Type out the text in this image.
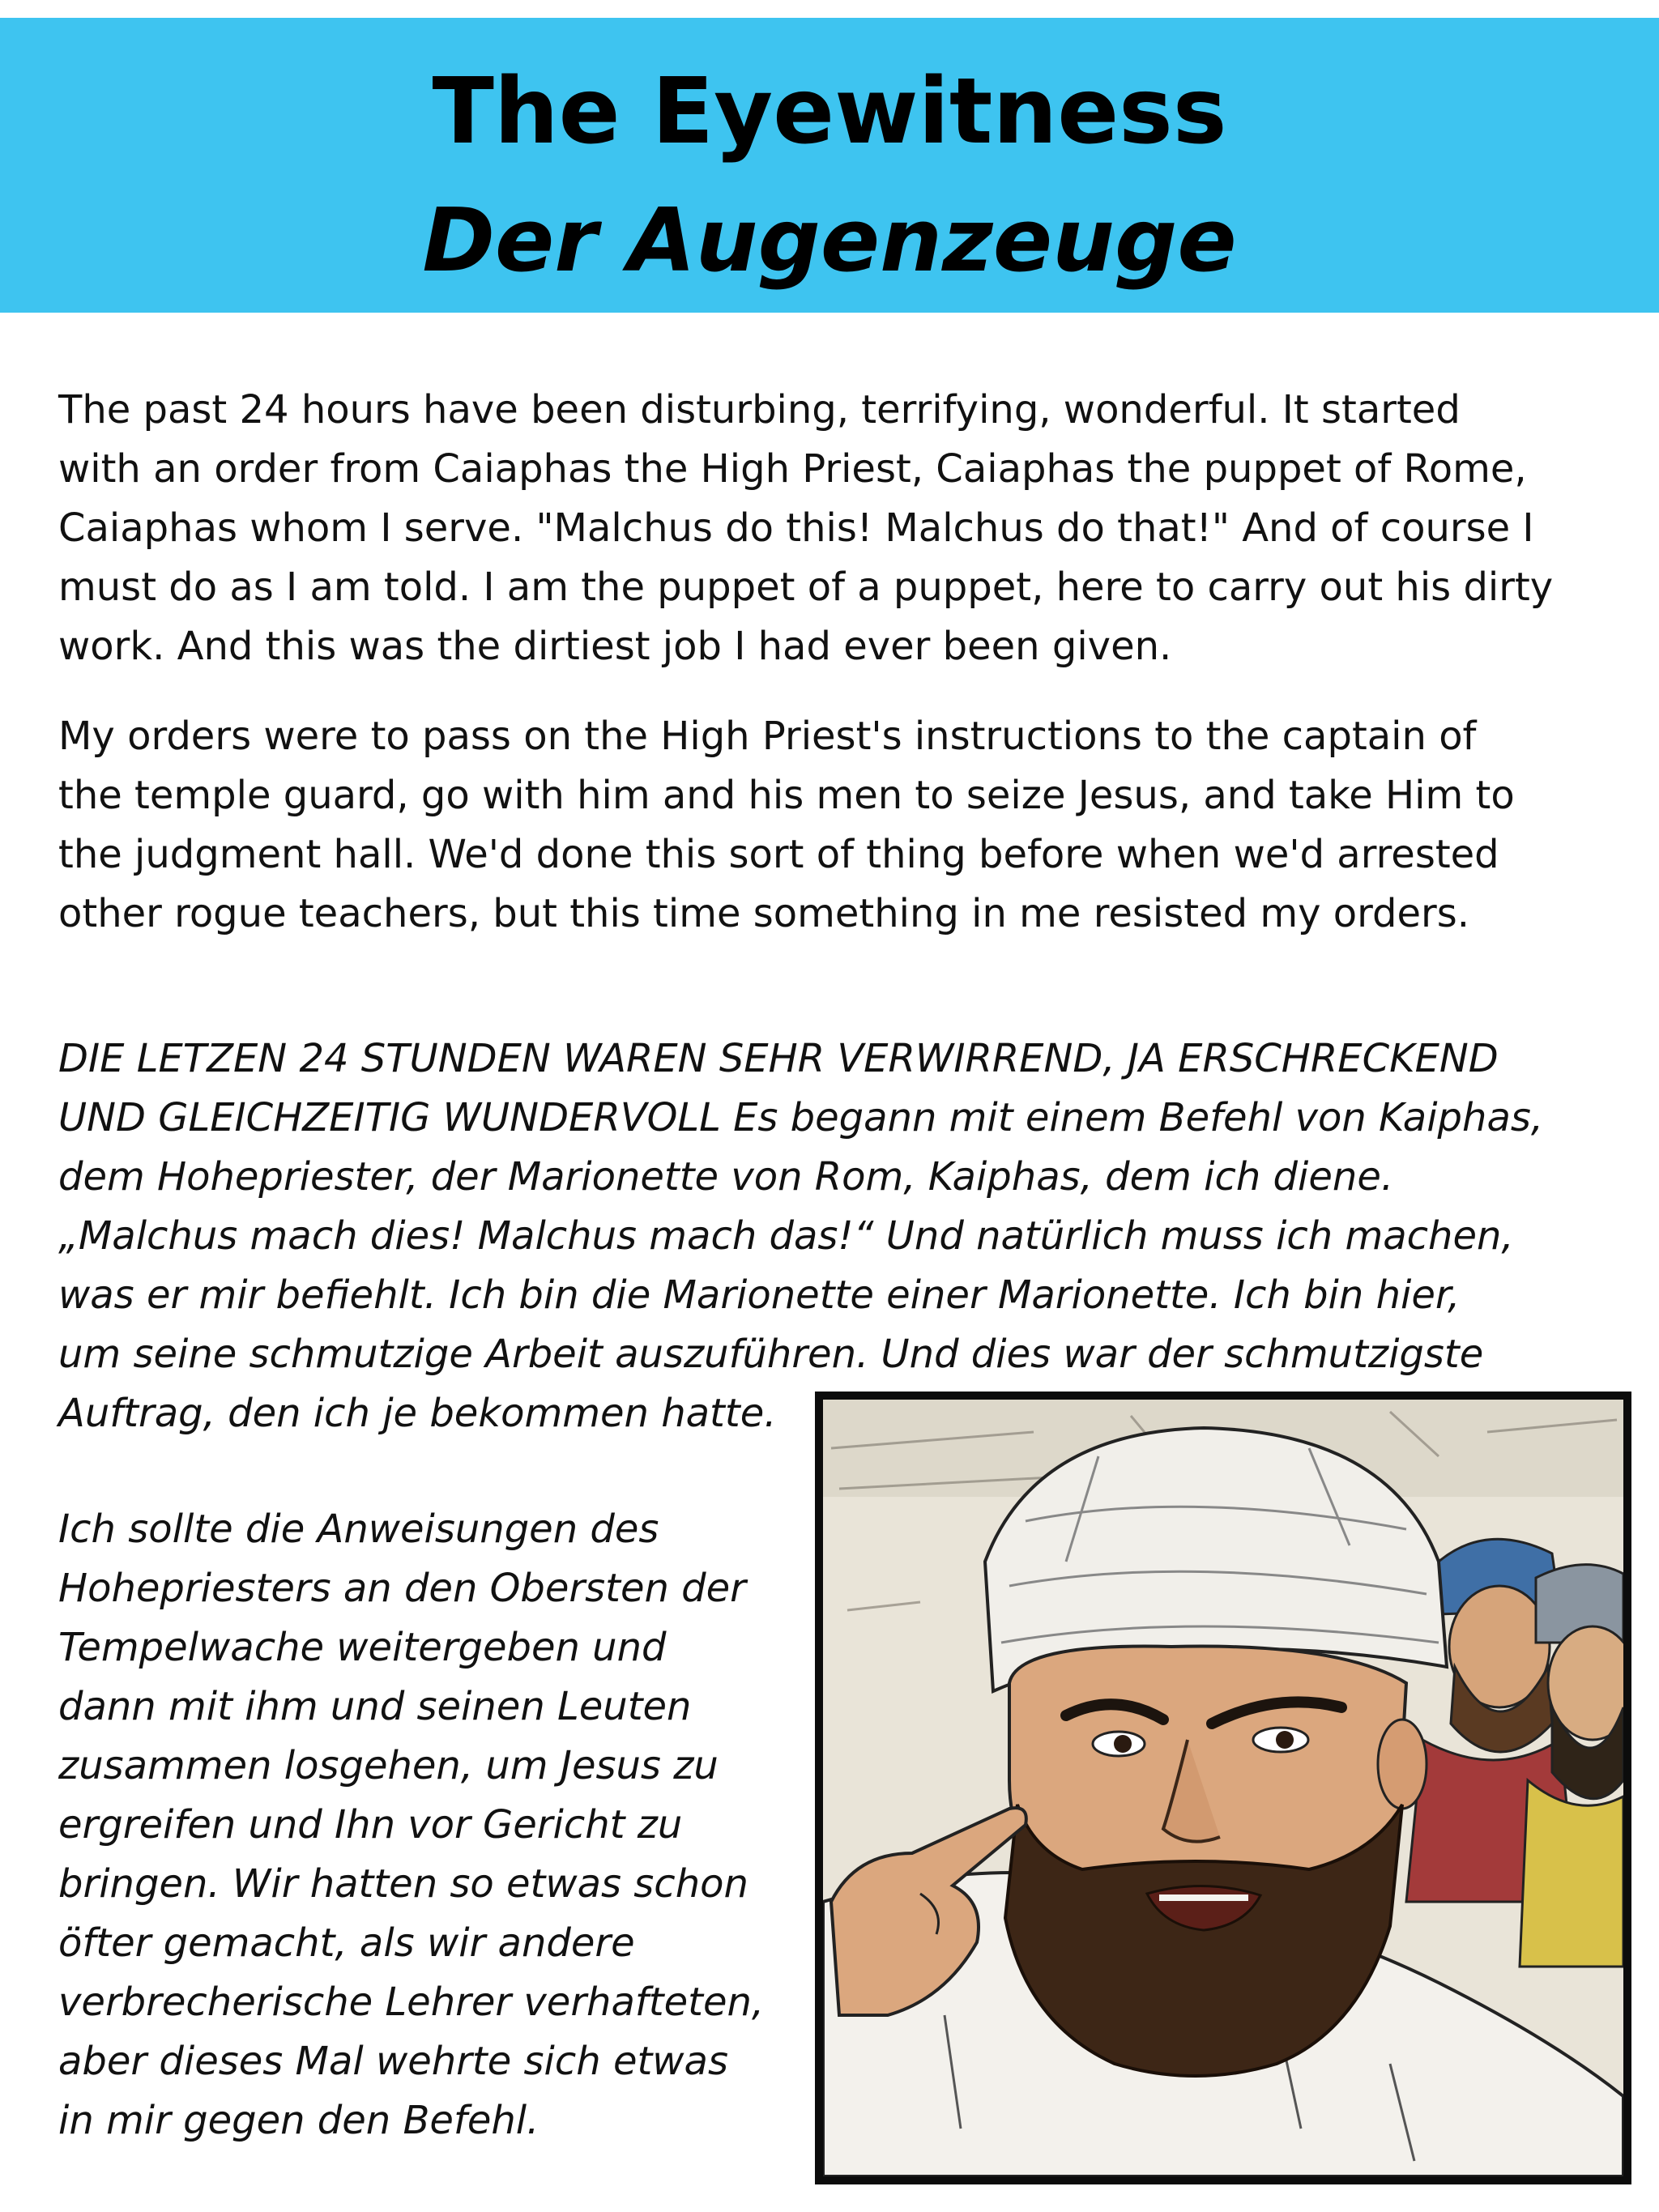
The Eyewitness
Der Augenzeuge
The past 24 hours have been disturbing, terrifying, wonderful. It started
with an order from Caiaphas the High Priest, Caiaphas the puppet of Rome,
Caiaphas whom I serve. "Malchus do this! Malchus do that!" And of course I
must do as I am told. I am the puppet of a puppet, here to carry out his dirty
work. And this was the dirtiest job I had ever been given.
My orders were to pass on the High Priest's instructions to the captain of
the temple guard, go with him and his men to seize Jesus, and take Him to
the judgment hall. We'd done this sort of thing before when we'd arrested
other rogue teachers, but this time something in me resisted my orders.
DIE LETZEN 24 STUNDEN WAREN SEHR VERWIRREND, JA ERSCHRECKEND
UND GLEICHZEITIG WUNDERVOLL Es begann mit einem Befehl von Kaiphas,
dem Hohepriester, der Marionette von Rom, Kaiphas, dem ich diene.
„Malchus mach dies! Malchus mach das!“ Und natürlich muss ich machen,
was er mir befiehlt. Ich bin die Marionette einer Marionette. Ich bin hier,
um seine schmutzige Arbeit auszuführen. Und dies war der schmutzigste
Auftrag, den ich je bekommen hatte.
Ich sollte die Anweisungen des
Hohepriesters an den Obersten der
Tempelwache weitergeben und
dann mit ihm und seinen Leuten
zusammen losgehen, um Jesus zu
ergreifen und Ihn vor Gericht zu
bringen. Wir hatten so etwas schon
öfter gemacht, als wir andere
verbrecherische Lehrer verhafteten,
aber dieses Mal wehrte sich etwas
in mir gegen den Befehl.
